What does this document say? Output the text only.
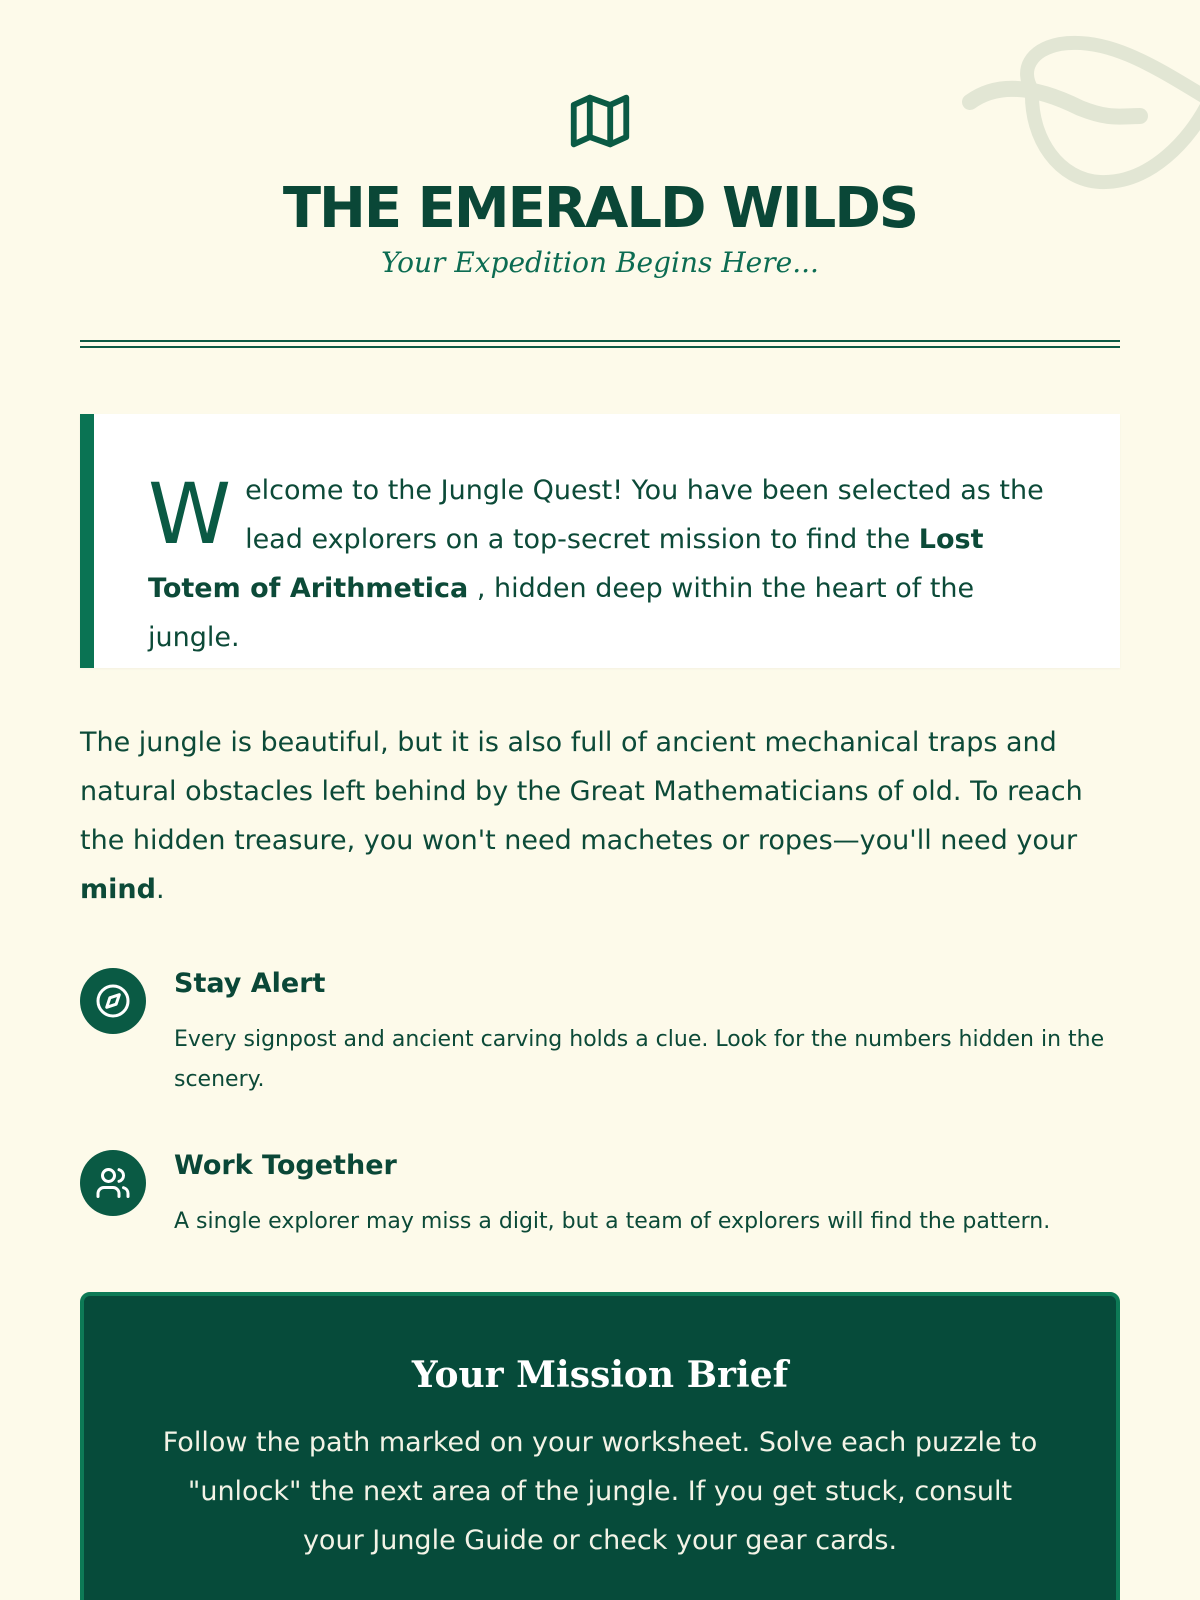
THE EMERALD WILDS
Your Expedition Begins Here...
W elcome to the Jungle Quest! You have been selected as the lead explorers on a top-secret mission to find the Lost Totem of Arithmetica , hidden deep within the heart of the jungle.

The jungle is beautiful, but it is also full of ancient mechanical traps and natural obstacles left behind by the Great Mathematicians of old. To reach the hidden treasure, you won't need machetes or ropes—you'll need your mind.

Stay Alert
Every signpost and ancient carving holds a clue. Look for the numbers hidden in the scenery.
Work Together
A single explorer may miss a digit, but a team of explorers will find the pattern.
Your Mission Brief
Follow the path marked on your worksheet. Solve each puzzle to "unlock" the next area of the jungle. If you get stuck, consult your Jungle Guide or check your gear cards.
